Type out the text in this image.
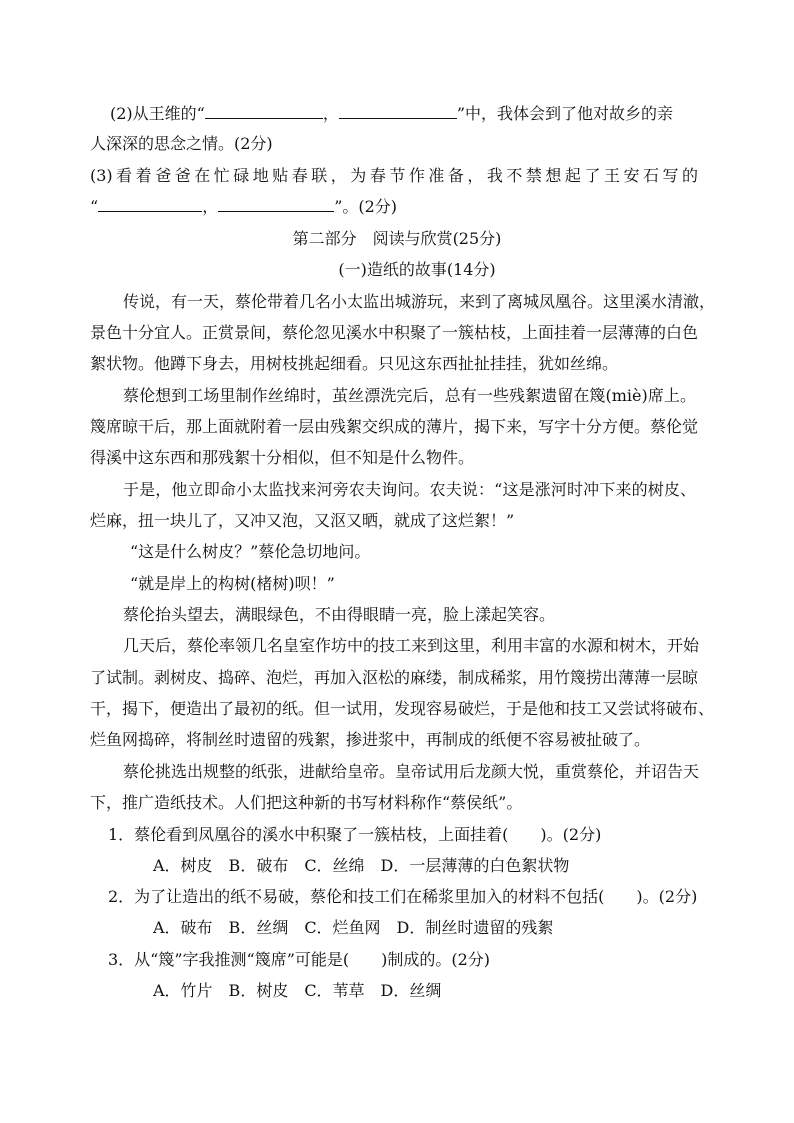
(2)从王维的“	，	”中，我体会到了他对故乡的亲
人深深的思念之情。(2分)
(3)看着爸爸在忙碌地贴春联，为春节作准备，我不禁想起了王安石写的
“	，	”。(2分)
第二部分　阅读与欣赏(25分)
(一)造纸的故事(14分)
传说，有一天，蔡伦带着几名小太监出城游玩，来到了离城凤凰谷。这里溪水清澈，
景色十分宜人。正赏景间，蔡伦忽见溪水中积聚了一簇枯枝，上面挂着一层薄薄的白色
絮状物。他蹲下身去，用树枝挑起细看。只见这东西扯扯挂挂，犹如丝绵。
蔡伦想到工场里制作丝绵时，茧丝漂洗完后，总有一些残絮遗留在篾(miè)席上。
篾席晾干后，那上面就附着一层由残絮交织成的薄片，揭下来，写字十分方便。蔡伦觉
得溪中这东西和那残絮十分相似，但不知是什么物件。
于是，他立即命小太监找来河旁农夫询问。农夫说：“这是涨河时冲下来的树皮、
烂麻，扭一块儿了，又冲又泡，又沤又晒，就成了这烂絮！”
“这是什么树皮？”蔡伦急切地问。
“就是岸上的构树(楮树)呗！”
蔡伦抬头望去，满眼绿色，不由得眼睛一亮，脸上漾起笑容。
几天后，蔡伦率领几名皇室作坊中的技工来到这里，利用丰富的水源和树木，开始
了试制。剥树皮、捣碎、泡烂，再加入沤松的麻缕，制成稀浆，用竹篾捞出薄薄一层晾
干，揭下，便造出了最初的纸。但一试用，发现容易破烂，于是他和技工又尝试将破布、
烂鱼网捣碎，将制丝时遗留的残絮，掺进浆中，再制成的纸便不容易被扯破了。
蔡伦挑选出规整的纸张，进献给皇帝。皇帝试用后龙颜大悦，重赏蔡伦，并诏告天
下，推广造纸技术。人们把这种新的书写材料称作“蔡侯纸”。
1．蔡伦看到凤凰谷的溪水中积聚了一簇枯枝，上面挂着(　　)。(2分)
A．树皮　B．破布　C．丝绵　D．一层薄薄的白色絮状物
2．为了让造出的纸不易破，蔡伦和技工们在稀浆里加入的材料不包括(　　)。(2分)
A．破布　B．丝绸　C．烂鱼网　D．制丝时遗留的残絮
3．从“篾”字我推测“篾席”可能是(　　)制成的。(2分)
A．竹片　B．树皮　C．苇草　D．丝绸
